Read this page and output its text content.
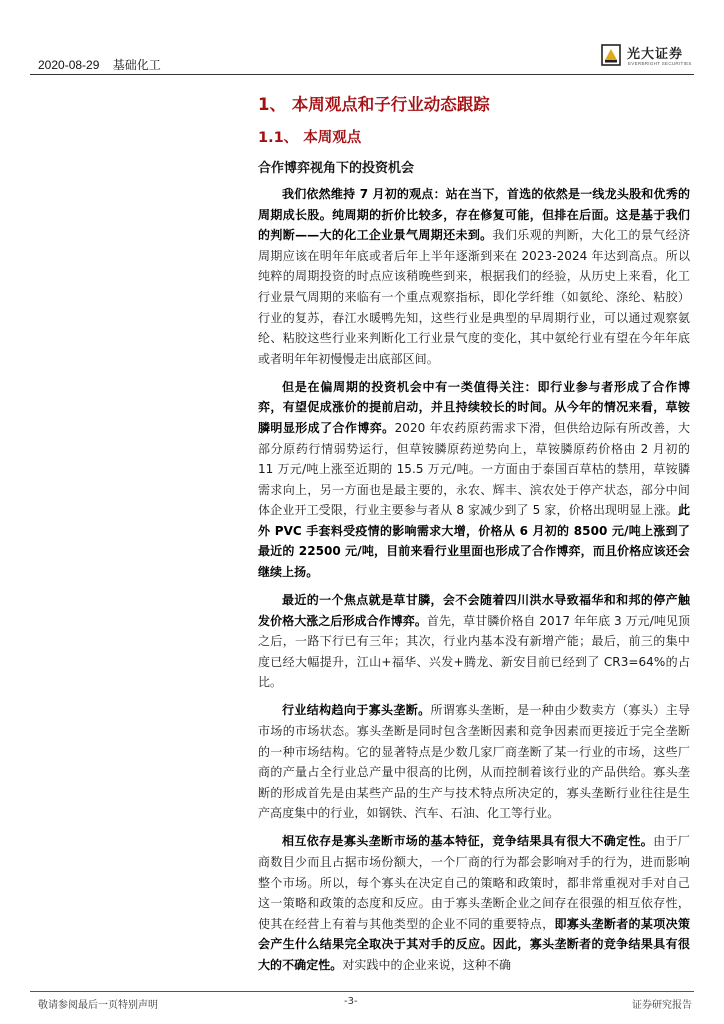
2020-08-29 基础化工
光大证券
EVERBRIGHT SECURITIES
1、 本周观点和子行业动态跟踪
1.1、 本周观点
合作博弈视角下的投资机会

我们依然维持 7 月初的观点：站在当下，首选的依然是一线龙头股和优秀的周期成长股。纯周期的折价比较多，存在修复可能，但排在后面。这是基于我们的判断——大的化工企业景气周期还未到。我们乐观的判断，大化工的景气经济周期应该在明年年底或者后年上半年逐渐到来在 2023-2024 年达到高点。所以纯粹的周期投资的时点应该稍晚些到来，根据我们的经验，从历史上来看，化工行业景气周期的来临有一个重点观察指标，即化学纤维（如氨纶、涤纶、粘胶）行业的复苏，春江水暖鸭先知，这些行业是典型的早周期行业，可以通过观察氨纶、粘胶这些行业来判断化工行业景气度的变化，其中氨纶行业有望在今年年底或者明年年初慢慢走出底部区间。

但是在偏周期的投资机会中有一类值得关注：即行业参与者形成了合作博弈，有望促成涨价的提前启动，并且持续较长的时间。从今年的情况来看，草铵膦明显形成了合作博弈。2020 年农药原药需求下滑，但供给边际有所改善，大部分原药行情弱势运行，但草铵膦原药逆势向上，草铵膦原药价格由 2 月初的 11 万元/吨上涨至近期的 15.5 万元/吨。一方面由于泰国百草枯的禁用，草铵膦需求向上，另一方面也是最主要的，永农、辉丰、滨农处于停产状态，部分中间体企业开工受限，行业主要参与者从 8 家减少到了 5 家，价格出现明显上涨。此外 PVC 手套料受疫情的影响需求大增，价格从 6 月初的 8500 元/吨上涨到了最近的 22500 元/吨，目前来看行业里面也形成了合作博弈，而且价格应该还会继续上扬。

最近的一个焦点就是草甘膦，会不会随着四川洪水导致福华和和邦的停产触发价格大涨之后形成合作博弈。首先，草甘膦价格自 2017 年年底 3 万元/吨见顶之后，一路下行已有三年；其次，行业内基本没有新增产能；最后，前三的集中度已经大幅提升，江山+福华、兴发+腾龙、新安目前已经到了 CR3=64%的占比。

行业结构趋向于寡头垄断。所谓寡头垄断，是一种由少数卖方（寡头）主导市场的市场状态。寡头垄断是同时包含垄断因素和竞争因素而更接近于完全垄断的一种市场结构。它的显著特点是少数几家厂商垄断了某一行业的市场，这些厂商的产量占全行业总产量中很高的比例，从而控制着该行业的产品供给。寡头垄断的形成首先是由某些产品的生产与技术特点所决定的，寡头垄断行业往往是生产高度集中的行业，如钢铁、汽车、石油、化工等行业。

相互依存是寡头垄断市场的基本特征，竞争结果具有很大不确定性。由于厂商数目少而且占据市场份额大，一个厂商的行为都会影响对手的行为，进而影响整个市场。所以，每个寡头在决定自己的策略和政策时，都非常重视对手对自己这一策略和政策的态度和反应。由于寡头垄断企业之间存在很强的相互依存性，使其在经营上有着与其他类型的企业不同的重要特点，即寡头垄断者的某项决策会产生什么结果完全取决于其对手的反应。因此，寡头垄断者的竞争结果具有很大的不确定性。对实践中的企业来说，这种不确

敬请参阅最后一页特别声明	-3-	证券研究报告
